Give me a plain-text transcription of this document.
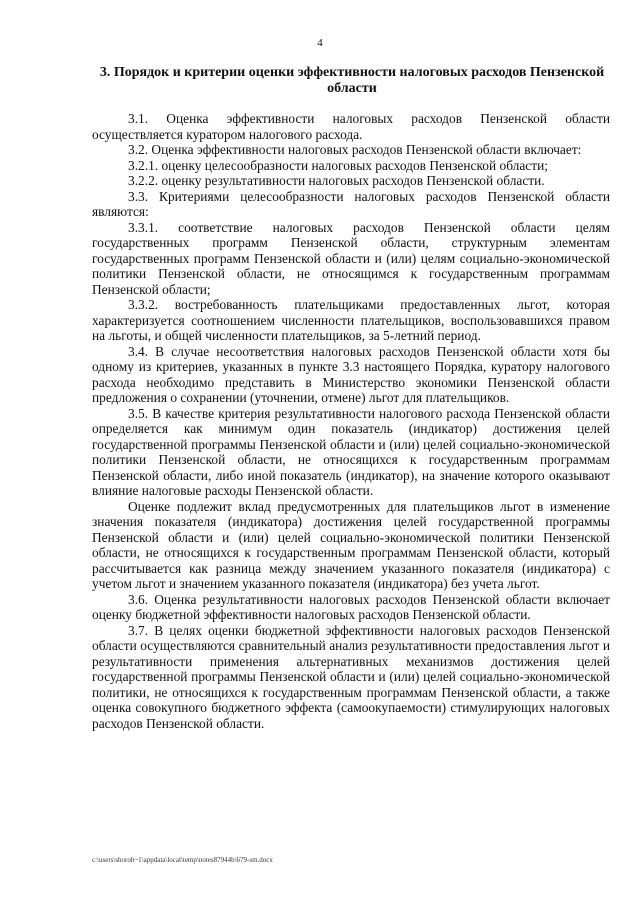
4
3. Порядок и критерии оценки эффективности налоговых расходов Пензенской области

3.1. Оценка эффективности налоговых расходов Пензенской области осуществляется куратором налогового расхода.

3.2. Оценка эффективности налоговых расходов Пензенской области включает:

3.2.1. оценку целесообразности налоговых расходов Пензенской области;

3.2.2. оценку результативности налоговых расходов Пензенской области.

3.3. Критериями целесообразности налоговых расходов Пензенской области являются:

3.3.1. соответствие налоговых расходов Пензенской области целям государственных программ Пензенской области, структурным элементам государственных программ Пензенской области и (или) целям социально-экономической политики Пензенской области, не относящимся к государственным программам Пензенской области;

3.3.2. востребованность плательщиками предоставленных льгот, которая характеризуется соотношением численности плательщиков, воспользовавшихся правом на льготы, и общей численности плательщиков, за 5-летний период.

3.4. В случае несоответствия налоговых расходов Пензенской области хотя бы одному из критериев, указанных в пункте 3.3 настоящего Порядка, куратору налогового расхода необходимо представить в Министерство экономики Пензенской области предложения о сохранении (уточнении, отмене) льгот для плательщиков.

3.5. В качестве критерия результативности налогового расхода Пензенской области определяется как минимум один показатель (индикатор) достижения целей государственной программы Пензенской области и (или) целей социально-экономической политики Пензенской области, не относящихся к государственным программам Пензенской области, либо иной показатель (индикатор), на значение которого оказывают влияние налоговые расходы Пензенской области.

Оценке подлежит вклад предусмотренных для плательщиков льгот в изменение значения показателя (индикатора) достижения целей государственной программы Пензенской области и (или) целей социально-экономической политики Пензенской области, не относящихся к государственным программам Пензенской области, который рассчитывается как разница между значением указанного показателя (индикатора) с учетом льгот и значением указанного показателя (индикатора) без учета льгот.

3.6. Оценка результативности налоговых расходов Пензенской области включает оценку бюджетной эффективности налоговых расходов Пензенской области.

3.7. В целях оценки бюджетной эффективности налоговых расходов Пензенской области осуществляются сравнительный анализ результативности предоставления льгот и результативности применения альтернативных механизмов достижения целей государственной программы Пензенской области и (или) целей социально-экономической политики, не относящихся к государственным программам Пензенской области, а также оценка совокупного бюджетного эффекта (самоокупаемости) стимулирующих налоговых расходов Пензенской области.

c:\users\shoroh~1\appdata\local\temp\notes87944b\679-sm.docx
